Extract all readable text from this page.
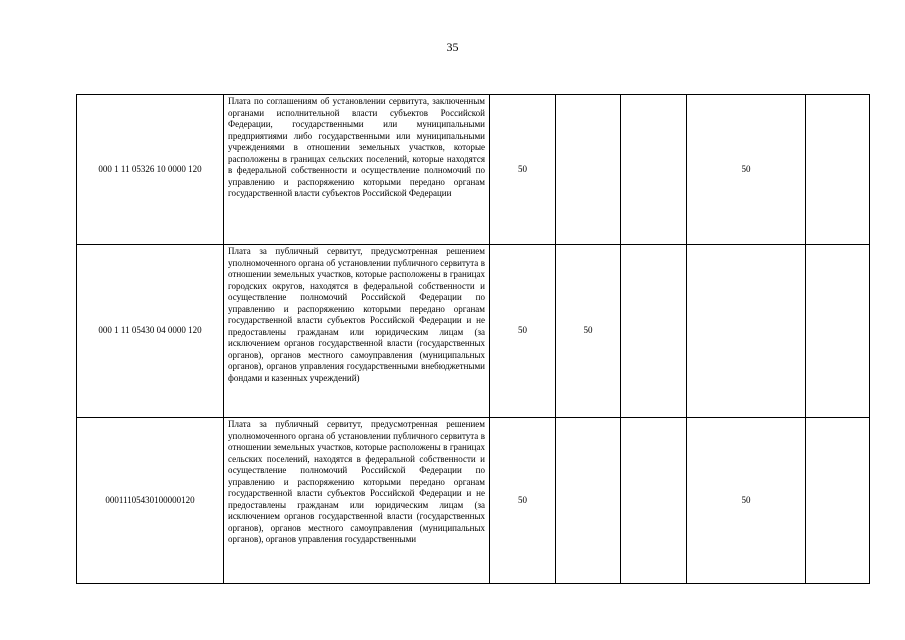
35
000 1 11 05326 10 0000 120	Плата по соглашениям об установлении сервитута, заключенным органами исполнительной власти субъектов Российской Федерации, государственными или муниципальными предприятиями либо государственными или муниципальными учреждениями в отношении земельных участков, которые расположены в границах сельских поселений, которые находятся в федеральной собственности и осуществление полномочий по управлению и распоряжению которыми передано органам государственной власти субъектов Российской Федерации	50			50	
000 1 11 05430 04 0000 120	Плата за публичный сервитут, предусмотренная решением уполномоченного органа об установлении публичного сервитута в отношении земельных участков, которые расположены в границах городских округов, находятся в федеральной собственности и осуществление полномочий Российской Федерации по управлению и распоряжению которыми передано органам государственной власти субъектов Российской Федерации и не предоставлены гражданам или юридическим лицам (за исключением органов государственной власти (государственных органов), органов местного самоуправления (муниципальных органов), органов управления государственными внебюджетными фондами и казенных учреждений)	50	50			
00011105430100000120	Плата за публичный сервитут, предусмотренная решением уполномоченного органа об установлении публичного сервитута в отношении земельных участков, которые расположены в границах сельских поселений, находятся в федеральной собственности и осуществление полномочий Российской Федерации по управлению и распоряжению которыми передано органам государственной власти субъектов Российской Федерации и не предоставлены гражданам или юридическим лицам (за исключением органов государственной власти (государственных органов), органов местного самоуправления (муниципальных органов), органов управления государственными	50			50	
